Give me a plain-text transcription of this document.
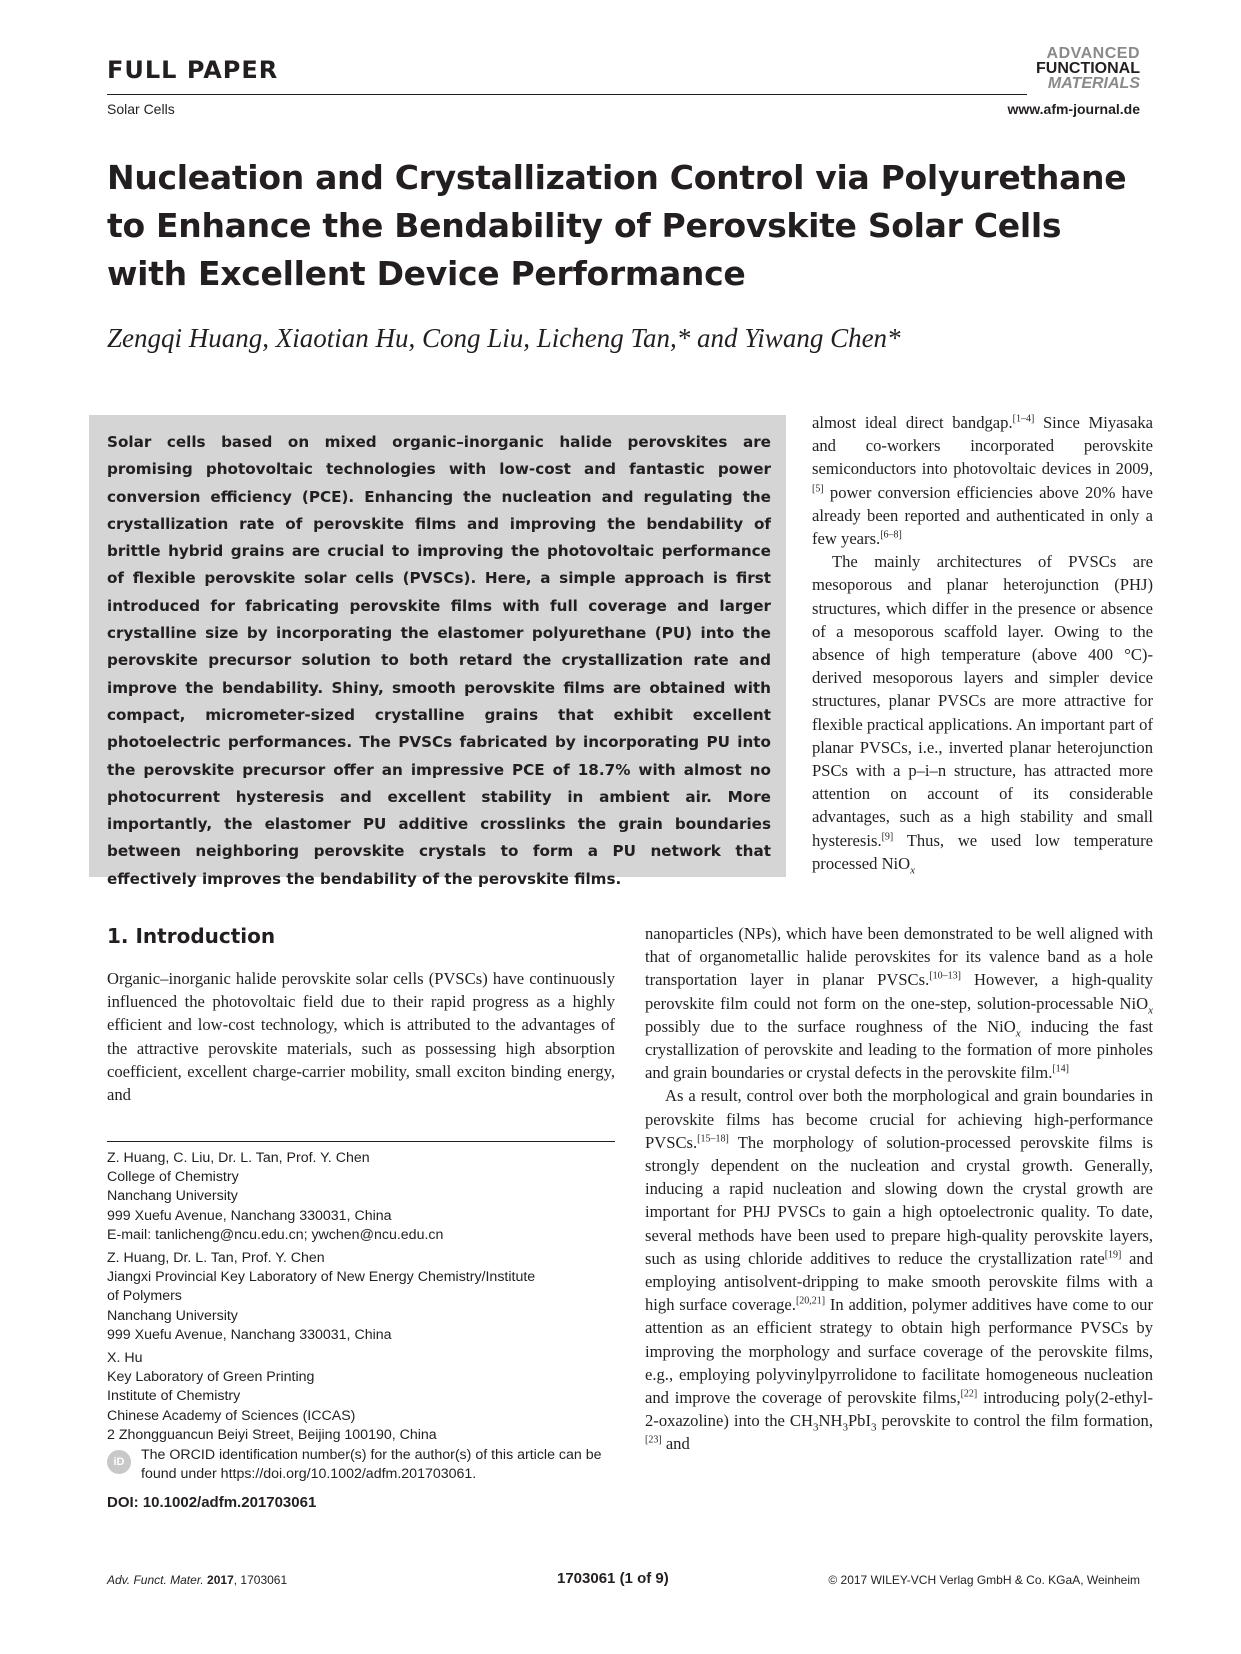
FULL PAPER
Solar Cells
ADVANCED
FUNCTIONAL
MATERIALS
www.afm-journal.de
Nucleation and Crystallization Control via Polyurethane to Enhance the Bendability of Perovskite Solar Cells with Excellent Device Performance
Zengqi Huang, Xiaotian Hu, Cong Liu, Licheng Tan,* and Yiwang Chen*

Solar cells based on mixed organic–inorganic halide perovskites are promising photovoltaic technologies with low-cost and fantastic power conversion efficiency (PCE). Enhancing the nucleation and regulating the crystallization rate of perovskite films and improving the bendability of brittle hybrid grains are crucial to improving the photovoltaic performance of flexible perovskite solar cells (PVSCs). Here, a simple approach is first introduced for fabricating perovskite films with full coverage and larger crystalline size by incorporating the elastomer polyurethane (PU) into the perovskite precursor solution to both retard the crystallization rate and improve the bendability. Shiny, smooth perovskite films are obtained with compact, micrometer-sized crystalline grains that exhibit excellent photoelectric performances. The PVSCs fabricated by incorporating PU into the perovskite precursor offer an impressive PCE of 18.7% with almost no photocurrent hysteresis and excellent stability in ambient air. More importantly, the elastomer PU additive crosslinks the grain boundaries between neighboring perovskite crystals to form a PU network that effectively improves the bendability of the perovskite films.

almost ideal direct bandgap.[1–4] Since Miyasaka and co-workers incorporated perovskite semiconductors into photovoltaic devices in 2009,[5] power conversion efficiencies above 20% have already been reported and authenticated in only a few years.[6–8]

The mainly architectures of PVSCs are mesoporous and planar heterojunction (PHJ) structures, which differ in the presence or absence of a mesoporous scaffold layer. Owing to the absence of high temperature (above 400 °C)-derived mesoporous layers and simpler device structures, planar PVSCs are more attractive for flexible practical applications. An important part of planar PVSCs, i.e., inverted planar heterojunction PSCs with a p–i–n structure, has attracted more attention on account of its considerable advantages, such as a high stability and small hysteresis.[9] Thus, we used low temperature processed NiO$_x$

nanoparticles (NPs), which have been demonstrated to be well aligned with that of organometallic halide perovskites for its valence band as a hole transportation layer in planar PVSCs.[10–13] However, a high-quality perovskite film could not form on the one-step, solution-processable NiO$_x$ possibly due to the surface roughness of the NiO$_x$ inducing the fast crystallization of perovskite and leading to the formation of more pinholes and grain boundaries or crystal defects in the perovskite film.[14]

As a result, control over both the morphological and grain boundaries in perovskite films has become crucial for achieving high-performance PVSCs.[15–18] The morphology of solution-processed perovskite films is strongly dependent on the nucleation and crystal growth. Generally, inducing a rapid nucleation and slowing down the crystal growth are important for PHJ PVSCs to gain a high optoelectronic quality. To date, several methods have been used to prepare high-quality perovskite layers, such as using chloride additives to reduce the crystallization rate[19] and employing antisolvent-dripping to make smooth perovskite films with a high surface coverage.[20,21] In addition, polymer additives have come to our attention as an efficient strategy to obtain high performance PVSCs by improving the morphology and surface coverage of the perovskite films, e.g., employing polyvinylpyrrolidone to facilitate homogeneous nucleation and improve the coverage of perovskite films,[22] introducing poly(2-ethyl-2-oxazoline) into the $CH_3NH_3PbI_3$ perovskite to control the film formation,[23] and

1. Introduction

Organic–inorganic halide perovskite solar cells (PVSCs) have continuously influenced the photovoltaic field due to their rapid progress as a highly efficient and low-cost technology, which is attributed to the advantages of the attractive perovskite materials, such as possessing high absorption coefficient, excellent charge-carrier mobility, small exciton binding energy, and

Z. Huang, C. Liu, Dr. L. Tan, Prof. Y. Chen
College of Chemistry
Nanchang University
999 Xuefu Avenue, Nanchang 330031, China
E-mail: tanlicheng@ncu.edu.cn; ywchen@ncu.edu.cn
Z. Huang, Dr. L. Tan, Prof. Y. Chen
Jiangxi Provincial Key Laboratory of New Energy Chemistry/Institute
of Polymers
Nanchang University
999 Xuefu Avenue, Nanchang 330031, China
X. Hu
Key Laboratory of Green Printing
Institute of Chemistry
Chinese Academy of Sciences (ICCAS)
2 Zhongguancun Beiyi Street, Beijing 100190, China
iD	The ORCID identification number(s) for the author(s) of this article can be found under https://doi.org/10.1002/adfm.201703061.
DOI: 10.1002/adfm.201703061
Adv. Funct. Mater. 2017, 1703061	1703061 (1 of 9)	© 2017 WILEY-VCH Verlag GmbH & Co. KGaA, Weinheim
